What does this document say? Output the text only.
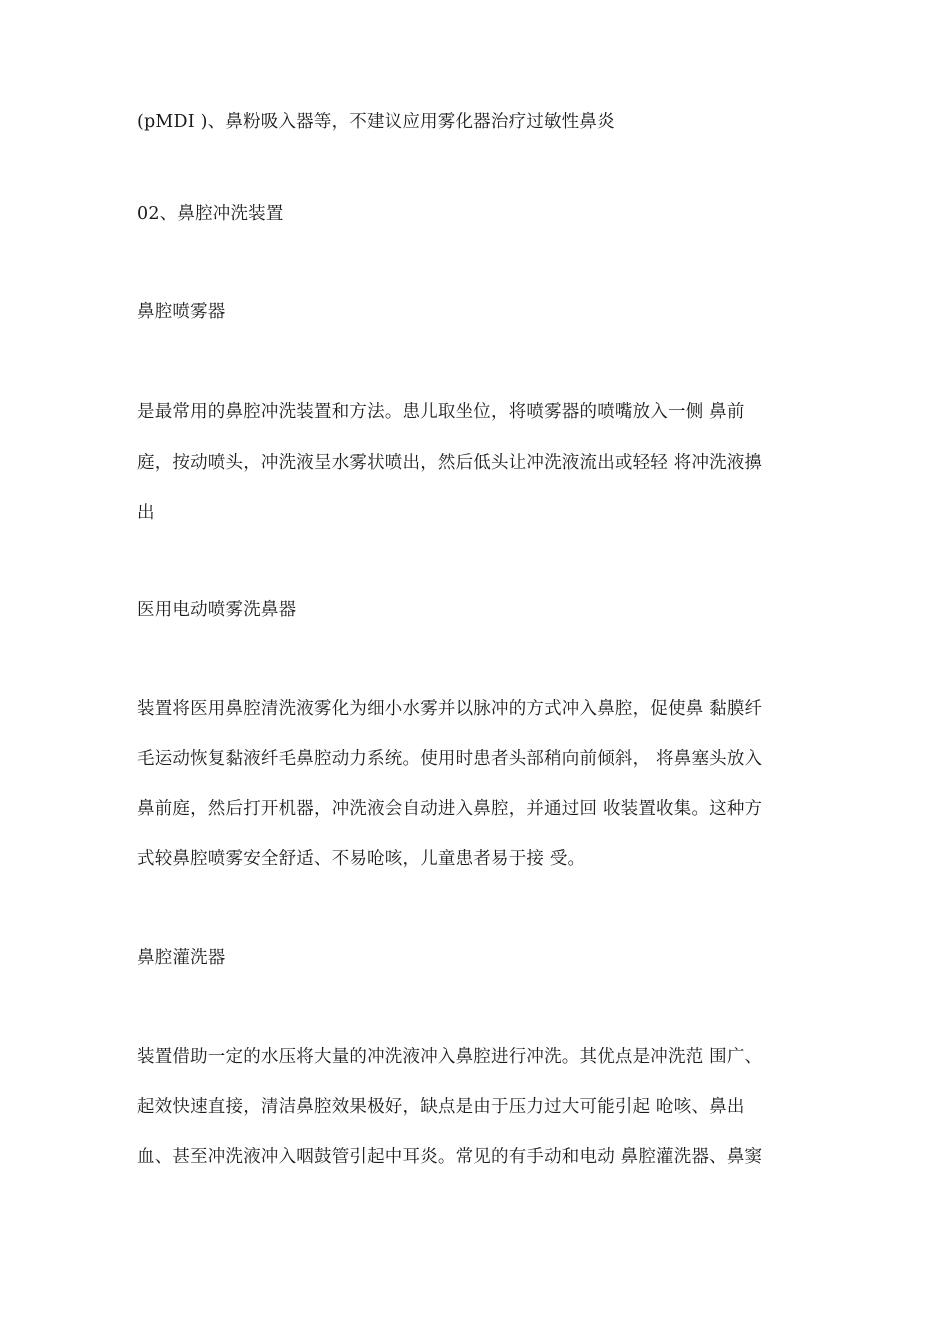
(pMDI )、鼻粉吸入器等，不建议应用雾化器治疗过敏性鼻炎
02、鼻腔冲洗装置
鼻腔喷雾器
是最常用的鼻腔冲洗装置和方法。患儿取坐位，将喷雾器的喷嘴放入一侧 鼻前
庭，按动喷头，冲洗液呈水雾状喷出，然后低头让冲洗液流出或轻轻 将冲洗液擤
出
医用电动喷雾洗鼻器
装置将医用鼻腔清洗液雾化为细小水雾并以脉冲的方式冲入鼻腔，促使鼻 黏膜纤
毛运动恢复黏液纤毛鼻腔动力系统。使用时患者头部稍向前倾斜， 将鼻塞头放入
鼻前庭，然后打开机器，冲洗液会自动进入鼻腔，并通过回 收装置收集。这种方
式较鼻腔喷雾安全舒适、不易呛咳，儿童患者易于接 受。
鼻腔灌洗器
装置借助一定的水压将大量的冲洗液冲入鼻腔进行冲洗。其优点是冲洗范 围广、
起效快速直接，清洁鼻腔效果极好，缺点是由于压力过大可能引起 呛咳、鼻出
血、甚至冲洗液冲入咽鼓管引起中耳炎。常见的有手动和电动 鼻腔灌洗器、鼻窦
